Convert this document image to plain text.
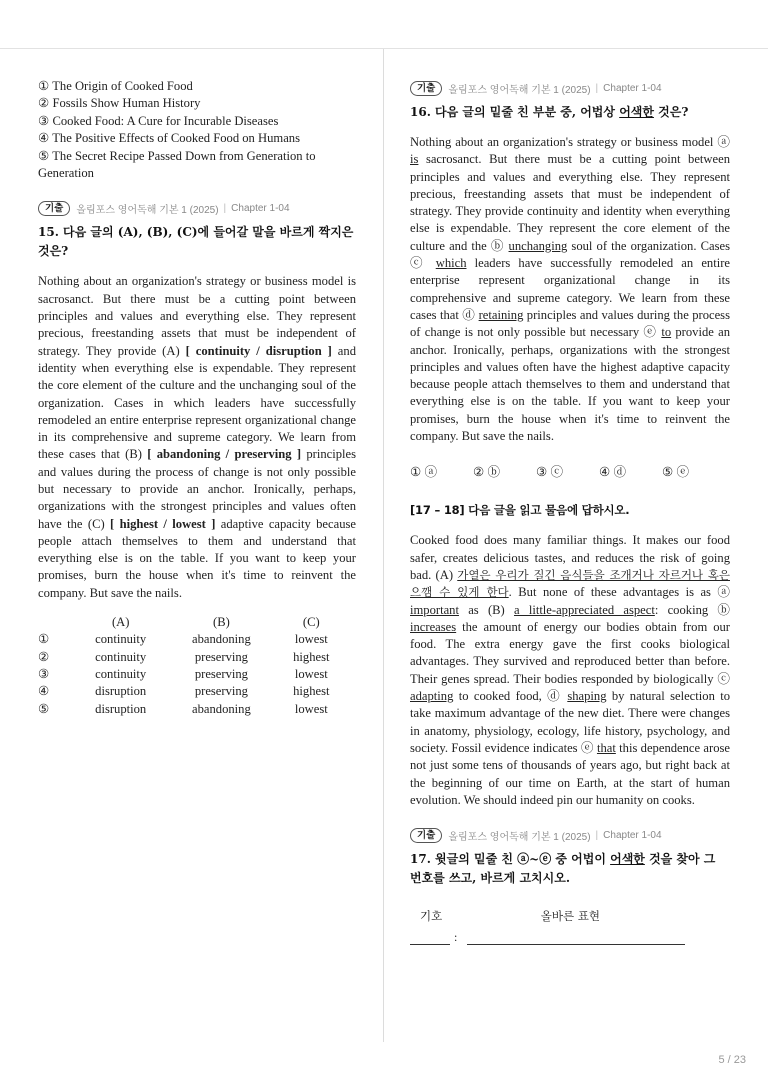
① The Origin of Cooked Food
② Fossils Show Human History
③ Cooked Food: A Cure for Incurable Diseases
④ The Positive Effects of Cooked Food on Humans
⑤ The Secret Recipe Passed Down from Generation to Generation
기출	올림포스 영어독해 기본 1 (2025) | Chapter 1-04
15. 다음 글의 (A), (B), (C)에 들어갈 말을 바르게 짝지은 것은?
Nothing about an organization's strategy or business model is sacrosanct. But there must be a cutting point between principles and values and everything else. They represent precious, freestanding assets that must be independent of strategy. They provide (A) [ continuity / disruption ] and identity when everything else is expendable. They represent the core element of the culture and the unchanging soul of the organization. Cases in which leaders have successfully remodeled an entire enterprise represent organizational change in its comprehensive and supreme category. We learn from these cases that (B) [ abandoning / preserving ] principles and values during the process of change is not only possible but necessary to provide an anchor. Ironically, perhaps, organizations with the strongest principles and values often have the (C) [ highest / lowest ] adaptive capacity because people attach themselves to them and understand that everything else is on the table. If you want to keep your promises, burn the house when it's time to reinvent the company. But save the nails.
	(A)	(B)	(C)
①	continuity	abandoning	lowest
②	continuity	preserving	highest
③	continuity	preserving	lowest
④	disruption	preserving	highest
⑤	disruption	abandoning	lowest
기출	올림포스 영어독해 기본 1 (2025) | Chapter 1-04
16. 다음 글의 밑줄 친 부분 중, 어법상 어색한 것은?
Nothing about an organization's strategy or business model ⓐ is sacrosanct. But there must be a cutting point between principles and values and everything else. They represent precious, freestanding assets that must be independent of strategy. They provide continuity and identity when everything else is expendable. They represent the core element of the culture and the ⓑ unchanging soul of the organization. Cases ⓒ which leaders have successfully remodeled an entire enterprise represent organizational change in its comprehensive and supreme category. We learn from these cases that ⓓ retaining principles and values during the process of change is not only possible but necessary ⓔ to provide an anchor. Ironically, perhaps, organizations with the strongest principles and values often have the highest adaptive capacity because people attach themselves to them and understand that everything else is on the table. If you want to keep your promises, burn the house when it's time to reinvent the company. But save the nails.
① ⓐ	② ⓑ	③ ⓒ	④ ⓓ	⑤ ⓔ
[17 – 18] 다음 글을 읽고 물음에 답하시오.
Cooked food does many familiar things. It makes our food safer, creates delicious tastes, and reduces the risk of going bad. (A) 가열은 우리가 질긴 음식들을 조개거나 자르거나 혹은 으깸 수 있게 한다. But none of these advantages is as ⓐ important as (B) a little-appreciated aspect: cooking ⓑ increases the amount of energy our bodies obtain from our food. The extra energy gave the first cooks biological advantages. They survived and reproduced better than before. Their genes spread. Their bodies responded by biologically ⓒ adapting to cooked food, ⓓ shaping by natural selection to take maximum advantage of the new diet. There were changes in anatomy, physiology, ecology, life history, psychology, and society. Fossil evidence indicates ⓔ that this dependence arose not just some tens of thousands of years ago, but right back at the beginning of our time on Earth, at the start of human evolution. We should indeed pin our humanity on cooks.
기출	올림포스 영어독해 기본 1 (2025) | Chapter 1-04
17. 윗글의 밑줄 친 ⓐ~ⓔ 중 어법이 어색한 것을 찾아 그 번호를 쓰고, 바르게 고치시오.
기호	올바른 표현
:
5 / 23
